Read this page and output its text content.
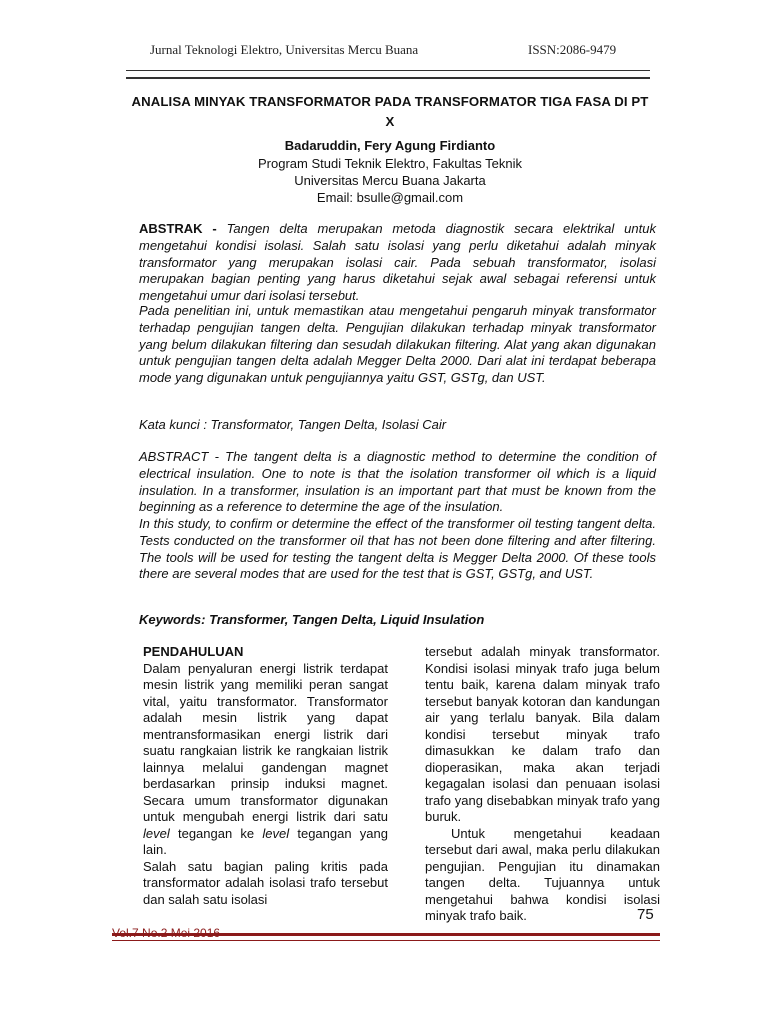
Jurnal Teknologi Elektro, Universitas Mercu Buana	ISSN:2086-9479
ANALISA MINYAK TRANSFORMATOR PADA TRANSFORMATOR TIGA FASA DI PT
X
Badaruddin, Fery Agung Firdianto
Program Studi Teknik Elektro, Fakultas Teknik
Universitas Mercu Buana Jakarta
Email: bsulle@gmail.com
ABSTRAK - Tangen delta merupakan metoda diagnostik secara elektrikal untuk mengetahui kondisi isolasi. Salah satu isolasi yang perlu diketahui adalah minyak transformator yang merupakan isolasi cair. Pada sebuah transformator, isolasi merupakan bagian penting yang harus diketahui sejak awal sebagai referensi untuk mengetahui umur dari isolasi tersebut.
Pada penelitian ini, untuk memastikan atau mengetahui pengaruh minyak transformator terhadap pengujian tangen delta. Pengujian dilakukan terhadap minyak transformator yang belum dilakukan filtering dan sesudah dilakukan filtering. Alat yang akan digunakan untuk pengujian tangen delta adalah Megger Delta 2000. Dari alat ini terdapat beberapa mode yang digunakan untuk pengujiannya yaitu GST, GSTg, dan UST.
Kata kunci : Transformator, Tangen Delta, Isolasi Cair
ABSTRACT - The tangent delta is a diagnostic method to determine the condition of electrical insulation. One to note is that the isolation transformer oil which is a liquid insulation. In a transformer, insulation is an important part that must be known from the beginning as a reference to determine the age of the insulation.
In this study, to confirm or determine the effect of the transformer oil testing tangent delta. Tests conducted on the transformer oil that has not been done filtering and after filtering. The tools will be used for testing the tangent delta is Megger Delta 2000. Of these tools there are several modes that are used for the test that is GST, GSTg, and UST.
Keywords: Transformer, Tangen Delta, Liquid Insulation
PENDAHULUAN
Dalam penyaluran energi listrik terdapat mesin listrik yang memiliki peran sangat vital, yaitu transformator. Transformator adalah mesin listrik yang dapat mentransformasikan energi listrik dari suatu rangkaian listrik ke rangkaian listrik lainnya melalui gandengan magnet berdasarkan prinsip induksi magnet. Secara umum transformator digunakan untuk mengubah energi listrik dari satu level tegangan ke level tegangan yang lain.
Salah satu bagian paling kritis pada transformator adalah isolasi trafo tersebut dan salah satu isolasi
tersebut adalah minyak transformator. Kondisi isolasi minyak trafo juga belum tentu baik, karena dalam minyak trafo tersebut banyak kotoran dan kandungan air yang terlalu banyak. Bila dalam kondisi tersebut minyak trafo dimasukkan ke dalam trafo dan dioperasikan, maka akan terjadi kegagalan isolasi dan penuaan isolasi trafo yang disebabkan minyak trafo yang buruk.
Untuk mengetahui keadaan tersebut dari awal, maka perlu dilakukan pengujian. Pengujian itu dinamakan tangen delta. Tujuannya untuk mengetahui bahwa kondisi isolasi minyak trafo baik.	75
Vol.7 No.2 Mei 2016
